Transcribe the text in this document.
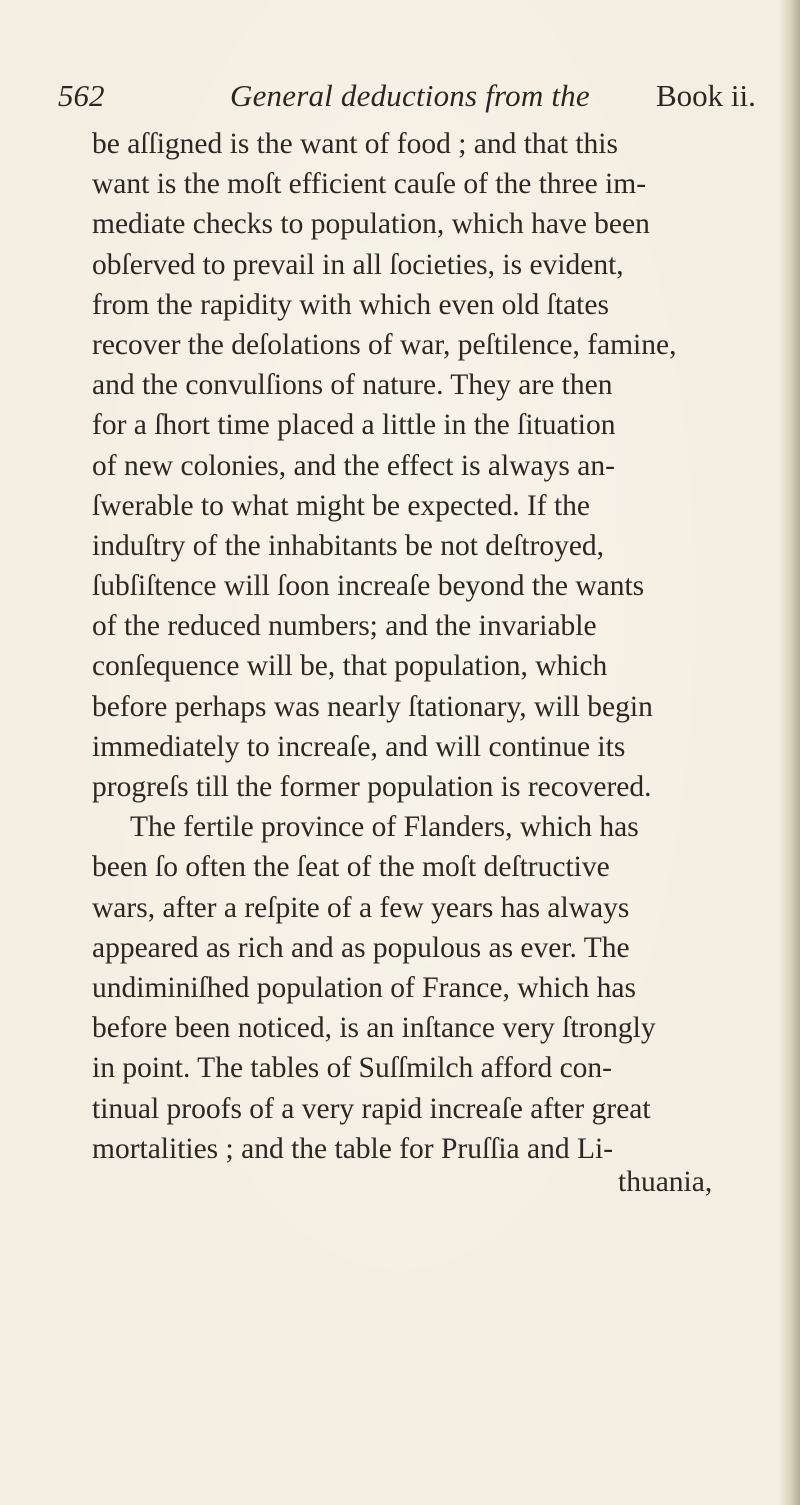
562	General deductions from the Book ii.
be aſſigned is the want of food ; and that this
want is the moſt efficient cauſe of the three im-
mediate checks to population, which have been
obſerved to prevail in all ſocieties, is evident,
from the rapidity with which even old ſtates
recover the deſolations of war, peſtilence, famine,
and the convulſions of nature. They are then
for a ſhort time placed a little in the ſituation
of new colonies, and the effect is always an-
ſwerable to what might be expected. If the
induſtry of the inhabitants be not deſtroyed,
ſubſiſtence will ſoon increaſe beyond the wants
of the reduced numbers; and the invariable
conſequence will be, that population, which
before perhaps was nearly ſtationary, will begin
immediately to increaſe, and will continue its
progreſs till the former population is recovered.
The fertile province of Flanders, which has
been ſo often the ſeat of the moſt deſtructive
wars, after a reſpite of a few years has always
appeared as rich and as populous as ever. The
undiminiſhed population of France, which has
before been noticed, is an inſtance very ſtrongly
in point. The tables of Suſſmilch afford con-
tinual proofs of a very rapid increaſe after great
mortalities ; and the table for Pruſſia and Li-
thuania,
